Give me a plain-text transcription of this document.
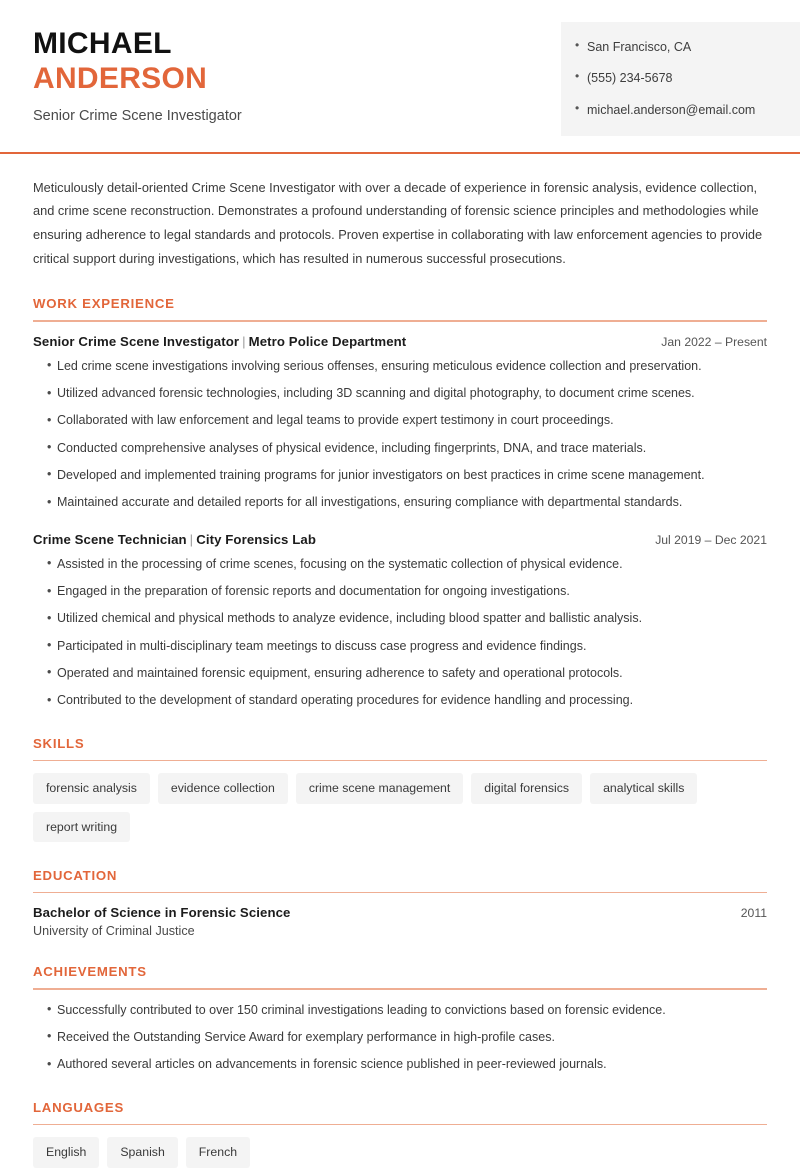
MICHAEL
ANDERSON
Senior Crime Scene Investigator
• San Francisco, CA
• (555) 234-5678
• michael.anderson@email.com

Meticulously detail-oriented Crime Scene Investigator with over a decade of experience in forensic analysis, evidence collection, and crime scene reconstruction. Demonstrates a profound understanding of forensic science principles and methodologies while ensuring adherence to legal standards and protocols. Proven expertise in collaborating with law enforcement agencies to provide critical support during investigations, which has resulted in numerous successful prosecutions.

WORK EXPERIENCE
Senior Crime Scene Investigator | Metro Police Department	Jan 2022 – Present
• Led crime scene investigations involving serious offenses, ensuring meticulous evidence collection and preservation.
• Utilized advanced forensic technologies, including 3D scanning and digital photography, to document crime scenes.
• Collaborated with law enforcement and legal teams to provide expert testimony in court proceedings.
• Conducted comprehensive analyses of physical evidence, including fingerprints, DNA, and trace materials.
• Developed and implemented training programs for junior investigators on best practices in crime scene management.
• Maintained accurate and detailed reports for all investigations, ensuring compliance with departmental standards.
Crime Scene Technician | City Forensics Lab	Jul 2019 – Dec 2021
• Assisted in the processing of crime scenes, focusing on the systematic collection of physical evidence.
• Engaged in the preparation of forensic reports and documentation for ongoing investigations.
• Utilized chemical and physical methods to analyze evidence, including blood spatter and ballistic analysis.
• Participated in multi-disciplinary team meetings to discuss case progress and evidence findings.
• Operated and maintained forensic equipment, ensuring adherence to safety and operational protocols.
• Contributed to the development of standard operating procedures for evidence handling and processing.
SKILLS
forensic analysis	evidence collection	crime scene management	digital forensics	analytical skills
report writing
EDUCATION
Bachelor of Science in Forensic Science	2011
University of Criminal Justice
ACHIEVEMENTS
• Successfully contributed to over 150 criminal investigations leading to convictions based on forensic evidence.
• Received the Outstanding Service Award for exemplary performance in high-profile cases.
• Authored several articles on advancements in forensic science published in peer-reviewed journals.
LANGUAGES
English	Spanish	French
